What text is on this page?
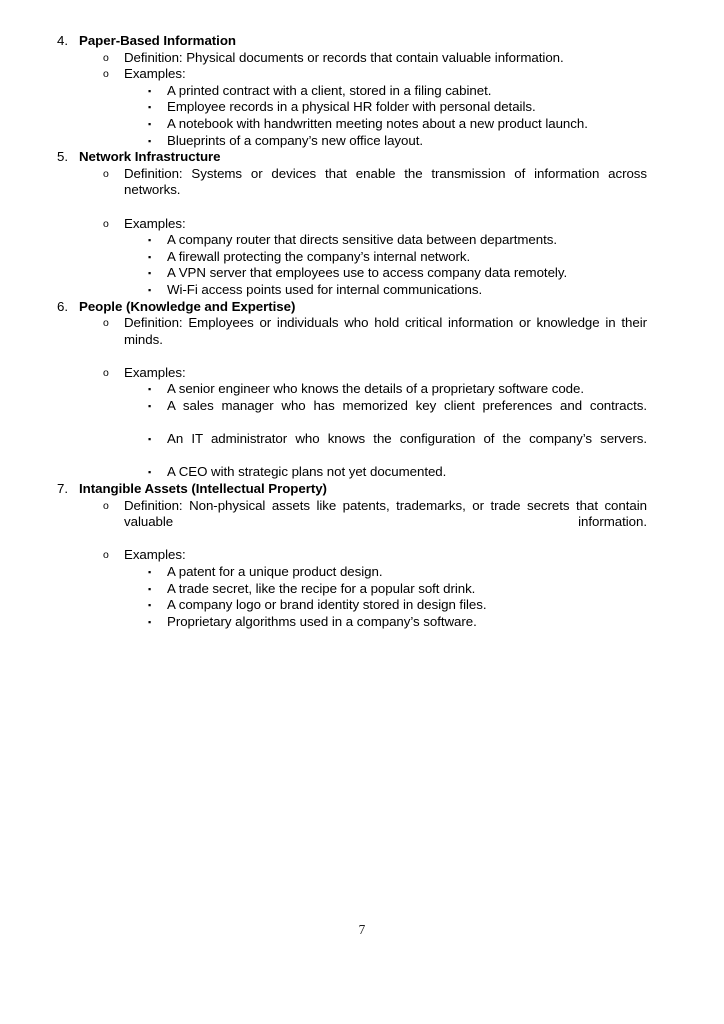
4. Paper-Based Information
o Definition: Physical documents or records that contain valuable information.
o Examples:
▪ A printed contract with a client, stored in a filing cabinet.
▪ Employee records in a physical HR folder with personal details.
▪ A notebook with handwritten meeting notes about a new product launch.
▪ Blueprints of a company’s new office layout.
5. Network Infrastructure
o Definition: Systems or devices that enable the transmission of information across networks.
o Examples:
▪ A company router that directs sensitive data between departments.
▪ A firewall protecting the company’s internal network.
▪ A VPN server that employees use to access company data remotely.
▪ Wi-Fi access points used for internal communications.
6. People (Knowledge and Expertise)
o Definition: Employees or individuals who hold critical information or knowledge in their minds.
o Examples:
▪ A senior engineer who knows the details of a proprietary software code.
▪ A sales manager who has memorized key client preferences and contracts.
▪ An IT administrator who knows the configuration of the company’s servers.
▪ A CEO with strategic plans not yet documented.
7. Intangible Assets (Intellectual Property)
o Definition: Non-physical assets like patents, trademarks, or trade secrets that contain valuable information.
o Examples:
▪ A patent for a unique product design.
▪ A trade secret, like the recipe for a popular soft drink.
▪ A company logo or brand identity stored in design files.
▪ Proprietary algorithms used in a company’s software.
7
